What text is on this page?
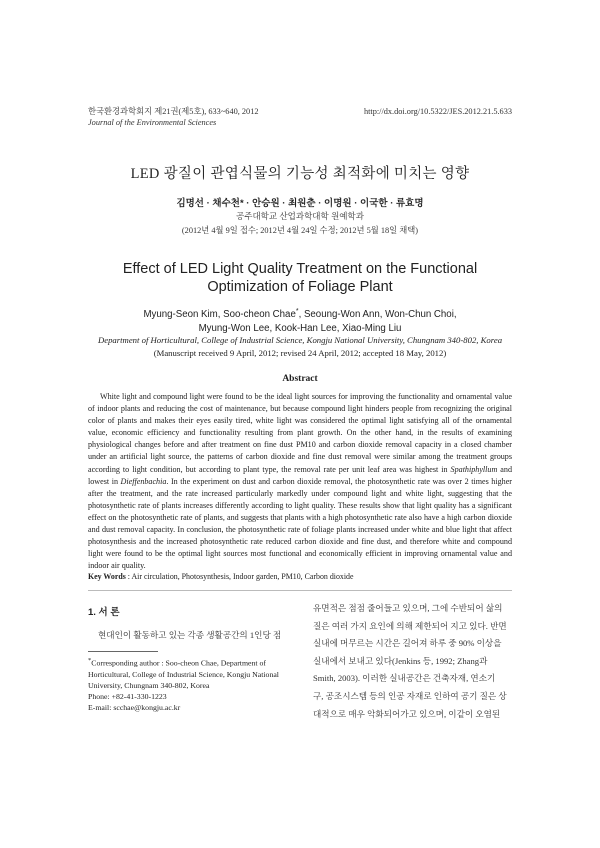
한국환경과학회지 제21권(제5호), 633~640, 2012
Journal of the Environmental Sciences
http://dx.doi.org/10.5322/JES.2012.21.5.633
LED 광질이 관엽식물의 기능성 최적화에 미치는 영향
김명선 · 채수천* · 안승원 · 최원춘 · 이명원 · 이국한 · 류효명
공주대학교 산업과학대학 원예학과
(2012년 4월 9일 접수; 2012년 4월 24일 수정; 2012년 5월 18일 채택)
Effect of LED Light Quality Treatment on the Functional
Optimization of Foliage Plant
Myung-Seon Kim, Soo-cheon Chae*, Seoung-Won Ann, Won-Chun Choi,
Myung-Won Lee, Kook-Han Lee, Xiao-Ming Liu
Department of Horticultural, College of Industrial Science, Kongju National University, Chungnam 340-802, Korea
(Manuscript received 9 April, 2012; revised 24 April, 2012; accepted 18 May, 2012)
Abstract

White light and compound light were found to be the ideal light sources for improving the functionality and ornamental value of indoor plants and reducing the cost of maintenance, but because compound light hinders people from recognizing the original color of plants and makes their eyes easily tired, white light was considered the optimal light satisfying all of the ornamental value, economic efficiency and functionality resulting from plant growth. On the other hand, in the results of examining physiological changes before and after treatment on fine dust PM10 and carbon dioxide removal capacity in a closed chamber under an artificial light source, the patterns of carbon dioxide and fine dust removal were similar among the treatment groups according to light condition, but according to plant type, the removal rate per unit leaf area was highest in Spathiphyllum and lowest in Dieffenbachia. In the experiment on dust and carbon dioxide removal, the photosynthetic rate was over 2 times higher after the treatment, and the rate increased particularly markedly under compound light and white light, suggesting that the photosynthetic rate of plants increases differently according to light quality. These results show that light quality has a significant effect on the photosynthetic rate of plants, and suggests that plants with a high photosynthetic rate also have a high carbon dioxide and dust removal capacity. In conclusion, the photosynthetic rate of foliage plants increased under white and blue light that affect photosynthesis and the increased photosynthetic rate reduced carbon dioxide and fine dust, and therefore white and compound light were found to be the optimal light sources most functional and economically efficient in improving ornamental value and indoor air quality.

Key Words : Air circulation, Photosynthesis, Indoor garden, PM10, Carbon dioxide
1. 서 론
현대인이 활동하고 있는 각종 생활공간의 1인당 점
*Corresponding author : Soo-cheon Chae, Department of
Horticultural, College of Industrial Science, Kongju National
University, Chungnam 340-802, Korea
Phone: +82-41-330-1223
E-mail: scchae@kongju.ac.kr
유면적은 점점 줄어들고 있으며, 그에 수반되어 삶의
질은 여러 가지 요인에 의해 제한되어 지고 있다. 반면
실내에 머무르는 시간은 길어져 하루 중 90% 이상을
실내에서 보내고 있다(Jenkins 등, 1992; Zhang과
Smith, 2003). 이러한 실내공간은 건축자재, 연소기
구, 공조시스템 등의 인공 자재로 인하여 공기 질은 상
대적으로 매우 악화되어가고 있으며, 이같이 오염된
